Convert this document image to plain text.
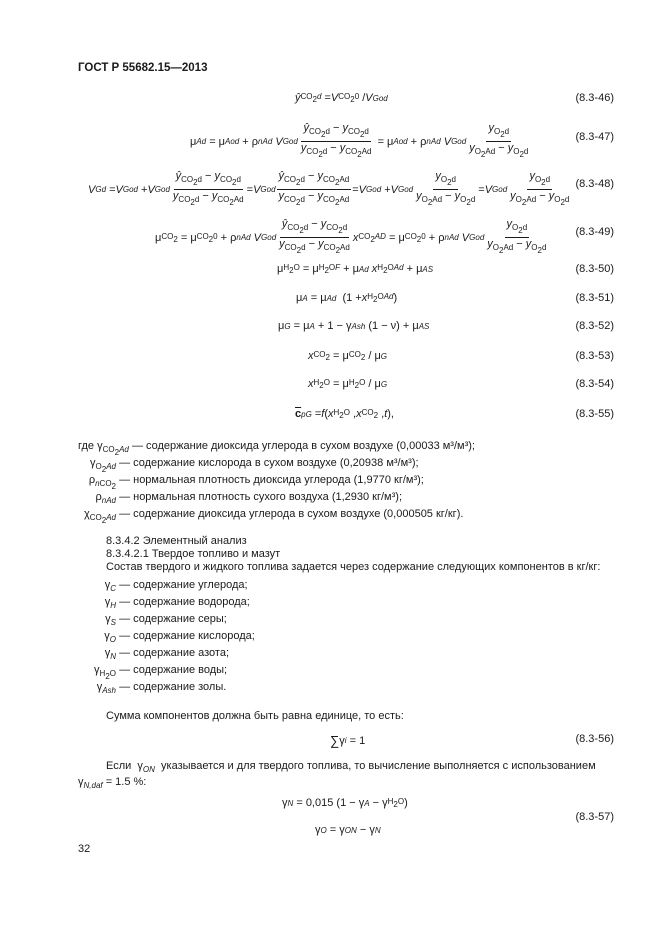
ГОСТ Р 55682.15—2013
ŷ $CO_2d = V$ $CO_20$ / V God	(8.3-46)
μ Ad = μ Aod + ρ nAd
V God $\frac{ŷ_{CO_2d} - y_{CO_2d}}{y_{CO_2d} - y_{CO_2Ad}} = \mu$ Aod + ρ nAd
V God $\frac{y_{O_2d}}{y_{O_2Ad} - y_{O_2d}}$	(8.3-47)
V Gd = V God + V God $\frac{ŷ_{CO_2d} - y_{CO_2d}}{y_{CO_2d} - y_{CO_2Ad}} = V$ God $\frac{ŷ_{CO_2d} - y_{CO_2Ad}}{y_{CO_2d} - y_{CO_2Ad}} = V$ God + V God $\frac{y_{O_2d}}{y_{O_2Ad} - y_{O_2d}} = V$ God $\frac{y_{O_2d}}{y_{O_2Ad} - y_{O_2d}} (8.3-48)$
μ $CO_2 = \mu$ $CO_20 + \rho$ nAd
V God $\frac{ŷ_{CO_2d} - y_{CO_2d}}{y_{CO_2d} - y_{CO_2Ad}}$ x $CO_2AD = \mu$ $CO_20 + \rho$ nAd
V God $\frac{y_{O_2d}}{y_{O_2Ad} - y_{O_2d}} (8.3-49)$
μ $H_2O = \mu$ $H_2OF + \mu$ Ad
x $H_2OAd + \mu$ AS	(8.3-50)
μ A = μ Ad (1 + x $H_2OAd$ )	(8.3-51)
μ G = μ A + 1 − γ Ash (1 − ν) + μ AS	(8.3-52)
x $CO_2 = \mu$ $CO_2$ / μ G	(8.3-53)
x $H_2O = \mu$ $H_2O$ / μ G	(8.3-54)
$\overline{c}$ pG = f ( x $H_2O$ , x $CO_2$ , t ),	(8.3-55)
где $\gamma_{CO_2Ad}$ — содержание диоксида углерода в сухом воздухе (0,00033 м³/м³);
$\gamma_{O_2Ad}$ — содержание кислорода в сухом воздухе (0,20938 м³/м³);
$\rho_{nCO_2}$ — нормальная плотность диоксида углерода (1,9770 кг/м³);
$\rho_{nAd}$ — нормальная плотность сухого воздуха (1,2930 кг/м³);
$\chi_{CO_2Ad}$ — содержание диоксида углерода в сухом воздухе (0,000505 кг/кг).
8.3.4.2 Элементный анализ
8.3.4.2.1 Твердое топливо и мазут
Состав твердого и жидкого топлива задается через содержание следующих компонентов в кг/кг:
$\gamma_C$ — содержание углерода;
$\gamma_H$ — содержание водорода;
$\gamma_S$ — содержание серы;
$\gamma_O$ — содержание кислорода;
$\gamma_N$ — содержание азота;
$\gamma_{H_2O}$ — содержание воды;
$\gamma_{Ash}$ — содержание золы.
Сумма компонентов должна быть равна единице, то есть:
∑ γ i = 1	(8.3-56)
Если  $\gamma_{ON}$ указывается и для твердого топлива, то вычисление выполняется с использованием
$\gamma_{N,daf} = 1.5$ %:
γ N = 0,015 (1 − γ A − γ $H_2O$ )
(8.3-57)
γ O = γ ON − γ N
32
